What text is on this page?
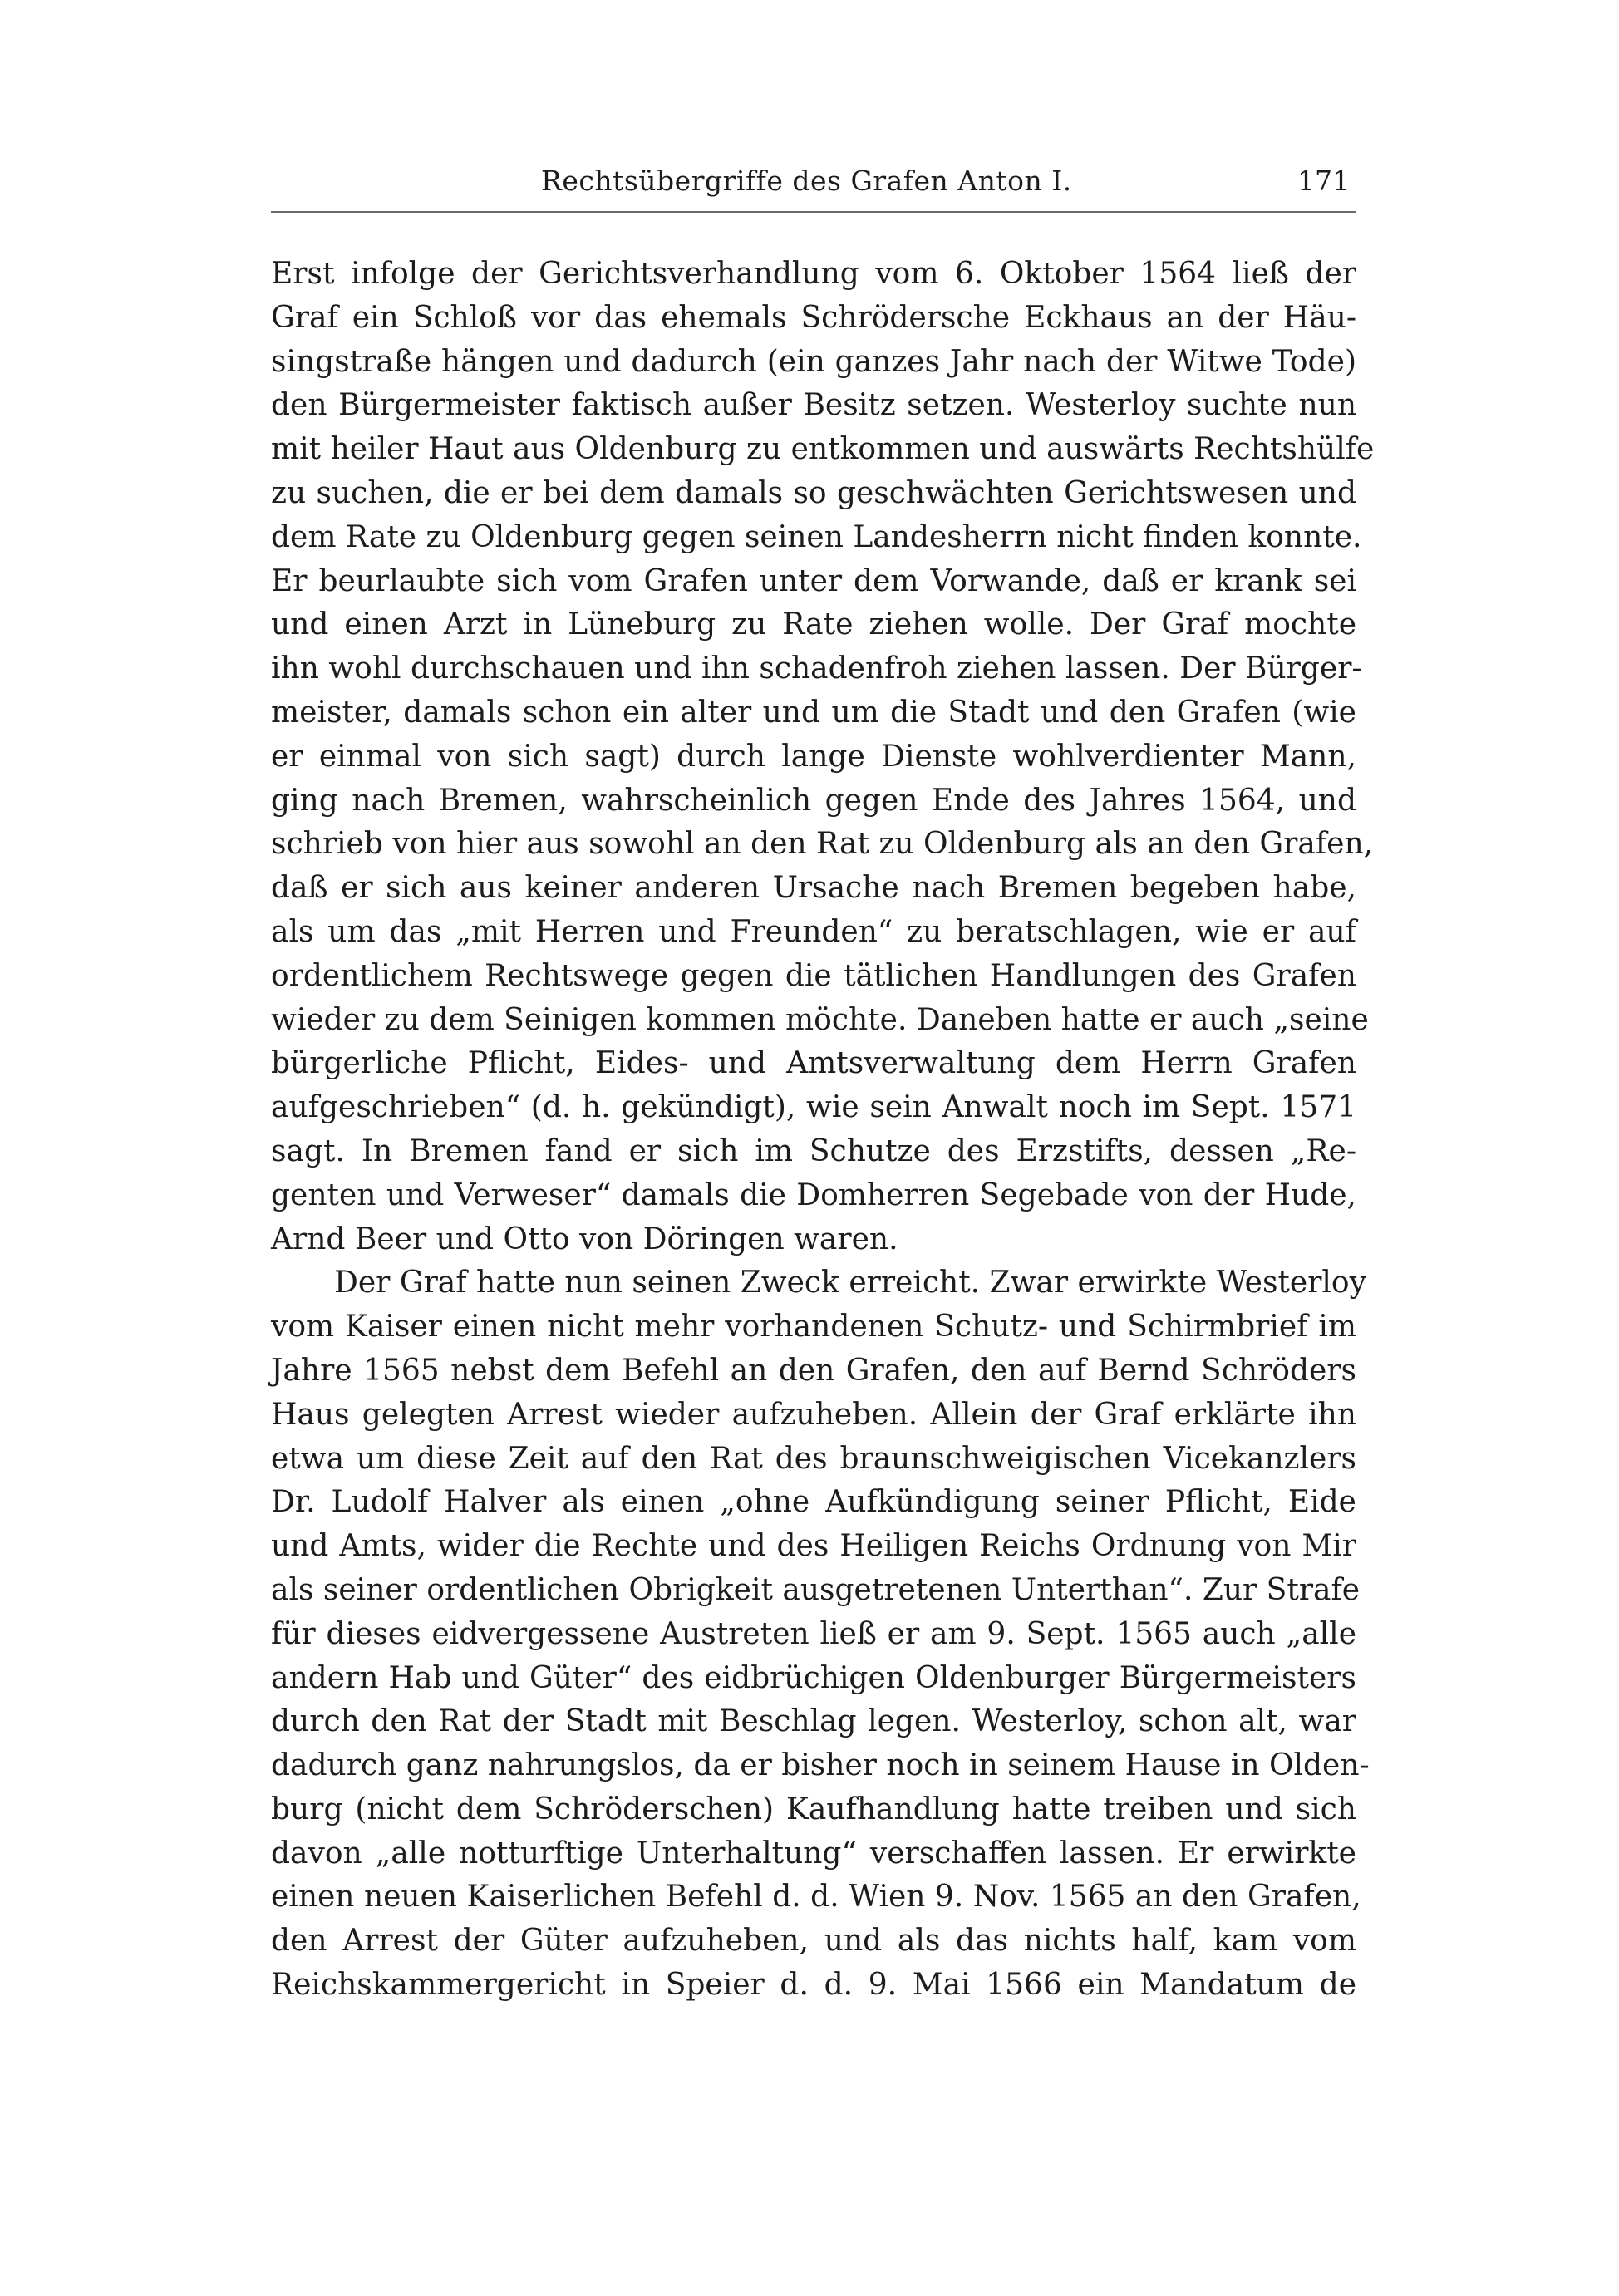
Rechtsübergriffe des Grafen Anton I.	171
Erst infolge der Gerichtsverhandlung vom 6. Oktober 1564 ließ der
Graf ein Schloß vor das ehemals Schrödersche Eckhaus an der Häu-
singstraße hängen und dadurch (ein ganzes Jahr nach der Witwe Tode)
den Bürgermeister faktisch außer Besitz setzen. Westerloy suchte nun
mit heiler Haut aus Oldenburg zu entkommen und auswärts Rechtshülfe
zu suchen, die er bei dem damals so geschwächten Gerichtswesen und
dem Rate zu Oldenburg gegen seinen Landesherrn nicht finden konnte.
Er beurlaubte sich vom Grafen unter dem Vorwande, daß er krank sei
und einen Arzt in Lüneburg zu Rate ziehen wolle. Der Graf mochte
ihn wohl durchschauen und ihn schadenfroh ziehen lassen. Der Bürger-
meister, damals schon ein alter und um die Stadt und den Grafen (wie
er einmal von sich sagt) durch lange Dienste wohlverdienter Mann,
ging nach Bremen, wahrscheinlich gegen Ende des Jahres 1564, und
schrieb von hier aus sowohl an den Rat zu Oldenburg als an den Grafen,
daß er sich aus keiner anderen Ursache nach Bremen begeben habe,
als um das „mit Herren und Freunden“ zu beratschlagen, wie er auf
ordentlichem Rechtswege gegen die tätlichen Handlungen des Grafen
wieder zu dem Seinigen kommen möchte. Daneben hatte er auch „seine
bürgerliche Pflicht, Eides- und Amtsverwaltung dem Herrn Grafen
aufgeschrieben“ (d. h. gekündigt), wie sein Anwalt noch im Sept. 1571
sagt. In Bremen fand er sich im Schutze des Erzstifts, dessen „Re-
genten und Verweser“ damals die Domherren Segebade von der Hude,
Arnd Beer und Otto von Döringen waren.
Der Graf hatte nun seinen Zweck erreicht. Zwar erwirkte Westerloy
vom Kaiser einen nicht mehr vorhandenen Schutz- und Schirmbrief im
Jahre 1565 nebst dem Befehl an den Grafen, den auf Bernd Schröders
Haus gelegten Arrest wieder aufzuheben. Allein der Graf erklärte ihn
etwa um diese Zeit auf den Rat des braunschweigischen Vicekanzlers
Dr. Ludolf Halver als einen „ohne Aufkündigung seiner Pflicht, Eide
und Amts, wider die Rechte und des Heiligen Reichs Ordnung von Mir
als seiner ordentlichen Obrigkeit ausgetretenen Unterthan“. Zur Strafe
für dieses eidvergessene Austreten ließ er am 9. Sept. 1565 auch „alle
andern Hab und Güter“ des eidbrüchigen Oldenburger Bürgermeisters
durch den Rat der Stadt mit Beschlag legen. Westerloy, schon alt, war
dadurch ganz nahrungslos, da er bisher noch in seinem Hause in Olden-
burg (nicht dem Schröderschen) Kaufhandlung hatte treiben und sich
davon „alle notturftige Unterhaltung“ verschaffen lassen. Er erwirkte
einen neuen Kaiserlichen Befehl d. d. Wien 9. Nov. 1565 an den Grafen,
den Arrest der Güter aufzuheben, und als das nichts half, kam vom
Reichskammergericht in Speier d. d. 9. Mai 1566 ein Mandatum de
